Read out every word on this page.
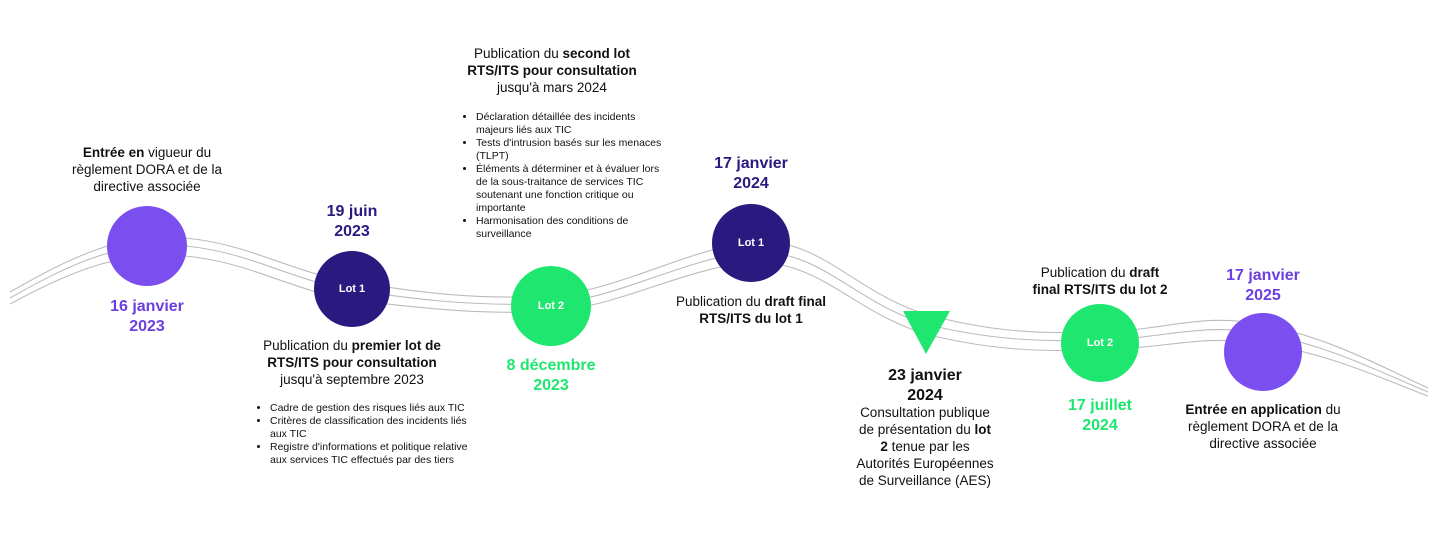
Lot 1
Lot 2
Lot 1
Lot 2
Entrée en vigueur du règlement DORA et de la directive associée
16 janvier
2023
19 juin
2023
Publication du premier lot de
RTS/ITS pour consultation
jusqu'à septembre 2023
• Cadre de gestion des risques liés aux TIC
• Critères de classification des incidents liés aux TIC
• Registre d'informations et politique relative aux services TIC effectués par des tiers
Publication du second lot
RTS/ITS pour consultation
jusqu'à mars 2024
• Déclaration détaillée des incidents majeurs liés aux TIC
• Tests d'intrusion basés sur les menaces (TLPT)
• Éléments à déterminer et à évaluer lors de la sous-traitance de services TIC soutenant une fonction critique ou importante
• Harmonisation des conditions de surveillance
8 décembre
2023
17 janvier
2024
Publication du draft final
RTS/ITS du lot 1
23 janvier
2024
Consultation publique
de présentation du lot
2 tenue par les
Autorités Européennes
de Surveillance (AES)
Publication du draft
final RTS/ITS du lot 2
17 juillet
2024
17 janvier
2025
Entrée en application du règlement DORA et de la directive associée
